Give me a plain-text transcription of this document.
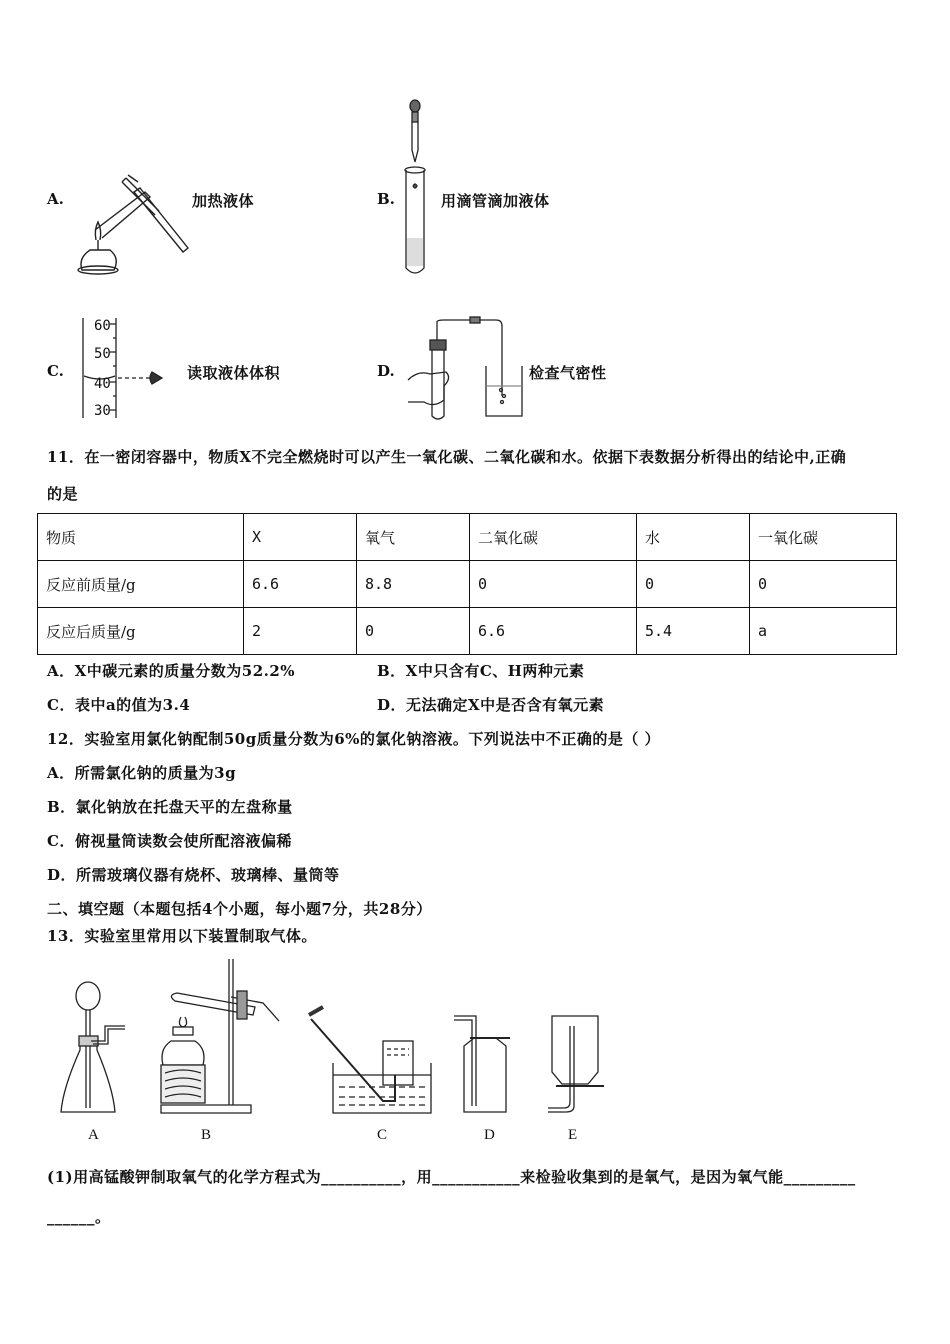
A.	加热液体	B.	用滴管滴加液体
C.
60
50
40
30
读取液体体积	D.	检查气密性
11．在一密闭容器中，物质X不完全燃烧时可以产生一氧化碳、二氧化碳和水。依据下表数据分析得出的结论中,正确
的是
物质	X	氧气	二氧化碳	水	一氧化碳
反应前质量/g	6.6	8.8	0	0	0
反应后质量/g	2	0	6.6	5.4	a
A．X中碳元素的质量分数为52.2%	B．X中只含有C、H两种元素
C．表中a的值为3.4	D．无法确定X中是否含有氧元素
12．实验室用氯化钠配制50g质量分数为6%的氯化钠溶液。下列说法中不正确的是（ ）
A．所需氯化钠的质量为3g
B．氯化钠放在托盘天平的左盘称量
C．俯视量筒读数会使所配溶液偏稀
D．所需玻璃仪器有烧杯、玻璃棒、量筒等
二、填空题（本题包括4个小题，每小题7分，共28分）
13．实验室里常用以下装置制取气体。
A	B	C	D	E
(1)用高锰酸钾制取氧气的化学方程式为__________，用___________来检验收集到的是氧气，是因为氧气能_________
______。
